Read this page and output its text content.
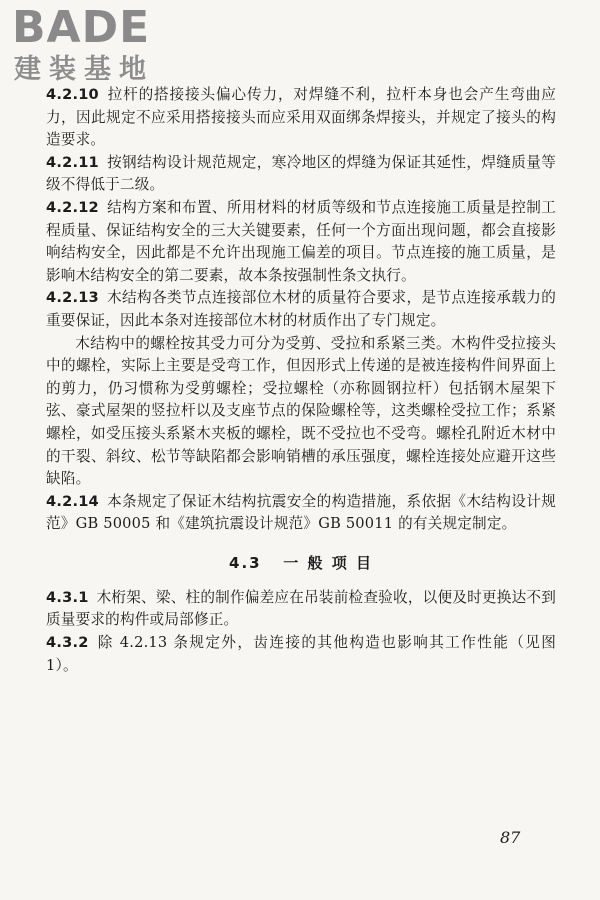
BADE
建装基地

4.2.10 拉杆的搭接接头偏心传力，对焊缝不利，拉杆本身也会产生弯曲应力，因此规定不应采用搭接接头而应采用双面绑条焊接头，并规定了接头的构造要求。

4.2.11 按钢结构设计规范规定，寒冷地区的焊缝为保证其延性，焊缝质量等级不得低于二级。

4.2.12 结构方案和布置、所用材料的材质等级和节点连接施工质量是控制工程质量、保证结构安全的三大关键要素，任何一个方面出现问题，都会直接影响结构安全，因此都是不允许出现施工偏差的项目。节点连接的施工质量，是影响木结构安全的第二要素，故本条按强制性条文执行。

4.2.13 木结构各类节点连接部位木材的质量符合要求，是节点连接承载力的重要保证，因此本条对连接部位木材的材质作出了专门规定。

木结构中的螺栓按其受力可分为受剪、受拉和系紧三类。木构件受拉接头中的螺栓，实际上主要是受弯工作，但因形式上传递的是被连接构件间界面上的剪力，仍习惯称为受剪螺栓；受拉螺栓（亦称圆钢拉杆）包括钢木屋架下弦、豪式屋架的竖拉杆以及支座节点的保险螺栓等，这类螺栓受拉工作；系紧螺栓，如受压接头系紧木夹板的螺栓，既不受拉也不受弯。螺栓孔附近木材中的干裂、斜纹、松节等缺陷都会影响销槽的承压强度，螺栓连接处应避开这些缺陷。

4.2.14 本条规定了保证木结构抗震安全的构造措施，系依据《木结构设计规范》GB 50005 和《建筑抗震设计规范》GB 50011 的有关规定制定。

4.3 一 般 项 目

4.3.1 木桁架、梁、柱的制作偏差应在吊装前检查验收，以便及时更换达不到质量要求的构件或局部修正。

4.3.2 除 4.2.13 条规定外，齿连接的其他构造也影响其工作性能（见图 1）。

87
